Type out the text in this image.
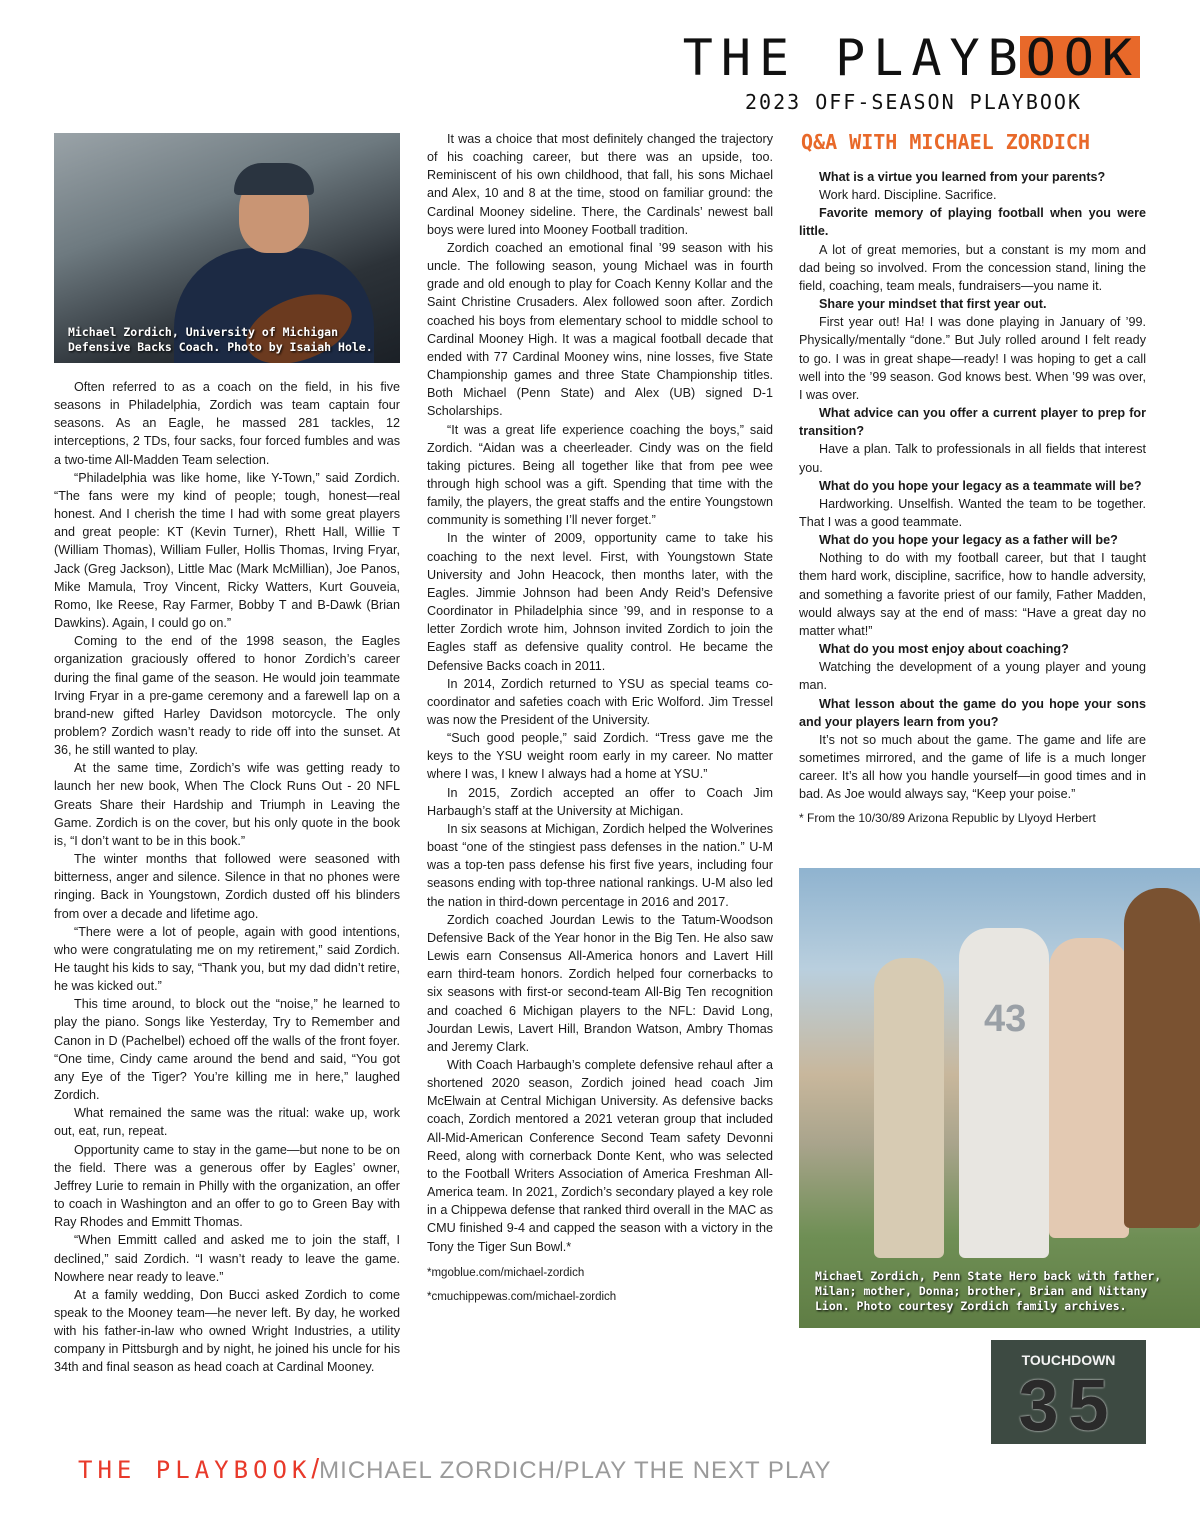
THE PLAYBOOK
2023 OFF-SEASON PLAYBOOK
Michael Zordich, University of Michigan Defensive Backs Coach. Photo by Isaiah Hole.

Often referred to as a coach on the field, in his five seasons in Philadelphia, Zordich was team captain four seasons. As an Eagle, he massed 281 tackles, 12 interceptions, 2 TDs, four sacks, four forced fumbles and was a two-time All-Madden Team selection.

“Philadelphia was like home, like Y-Town,” said Zordich. “The fans were my kind of people; tough, honest—real honest. And I cherish the time I had with some great players and great people: KT (Kevin Turner), Rhett Hall, Willie T (William Thomas), William Fuller, Hollis Thomas, Irving Fryar, Jack (Greg Jackson), Little Mac (Mark McMillian), Joe Panos, Mike Mamula, Troy Vincent, Ricky Watters, Kurt Gouveia, Romo, Ike Reese, Ray Farmer, Bobby T and B-Dawk (Brian Dawkins). Again, I could go on.”

Coming to the end of the 1998 season, the Eagles organization graciously offered to honor Zordich’s career during the final game of the season. He would join teammate Irving Fryar in a pre-game ceremony and a farewell lap on a brand-new gifted Harley Davidson motorcycle. The only problem? Zordich wasn’t ready to ride off into the sunset. At 36, he still wanted to play.

At the same time, Zordich’s wife was getting ready to launch her new book, When The Clock Runs Out - 20 NFL Greats Share their Hardship and Triumph in Leaving the Game. Zordich is on the cover, but his only quote in the book is, “I don’t want to be in this book.”

The winter months that followed were seasoned with bitterness, anger and silence. Silence in that no phones were ringing. Back in Youngstown, Zordich dusted off his blinders from over a decade and lifetime ago.

“There were a lot of people, again with good intentions, who were congratulating me on my retirement,” said Zordich. He taught his kids to say, “Thank you, but my dad didn’t retire, he was kicked out.”

This time around, to block out the “noise,” he learned to play the piano. Songs like Yesterday, Try to Remember and Canon in D (Pachelbel) echoed off the walls of the front foyer. “One time, Cindy came around the bend and said, “You got any Eye of the Tiger? You’re killing me in here,” laughed Zordich.

What remained the same was the ritual: wake up, work out, eat, run, repeat.

Opportunity came to stay in the game—but none to be on the field. There was a generous offer by Eagles’ owner, Jeffrey Lurie to remain in Philly with the organization, an offer to coach in Washington and an offer to go to Green Bay with Ray Rhodes and Emmitt Thomas.

“When Emmitt called and asked me to join the staff, I declined,” said Zordich. “I wasn’t ready to leave the game. Nowhere near ready to leave.”

At a family wedding, Don Bucci asked Zordich to come speak to the Mooney team—he never left. By day, he worked with his father-in-law who owned Wright Industries, a utility company in Pittsburgh and by night, he joined his uncle for his 34th and final season as head coach at Cardinal Mooney.

It was a choice that most definitely changed the trajectory of his coaching career, but there was an upside, too. Reminiscent of his own childhood, that fall, his sons Michael and Alex, 10 and 8 at the time, stood on familiar ground: the Cardinal Mooney sideline. There, the Cardinals’ newest ball boys were lured into Mooney Football tradition.

Zordich coached an emotional final ’99 season with his uncle. The following season, young Michael was in fourth grade and old enough to play for Coach Kenny Kollar and the Saint Christine Crusaders. Alex followed soon after. Zordich coached his boys from elementary school to middle school to Cardinal Mooney High. It was a magical football decade that ended with 77 Cardinal Mooney wins, nine losses, five State Championship games and three State Championship titles. Both Michael (Penn State) and Alex (UB) signed D-1 Scholarships.

“It was a great life experience coaching the boys,” said Zordich. “Aidan was a cheerleader. Cindy was on the field taking pictures. Being all together like that from pee wee through high school was a gift. Spending that time with the family, the players, the great staffs and the entire Youngstown community is something I’ll never forget.”

In the winter of 2009, opportunity came to take his coaching to the next level. First, with Youngstown State University and John Heacock, then months later, with the Eagles. Jimmie Johnson had been Andy Reid’s Defensive Coordinator in Philadelphia since ’99, and in response to a letter Zordich wrote him, Johnson invited Zordich to join the Eagles staff as defensive quality control. He became the Defensive Backs coach in 2011.

In 2014, Zordich returned to YSU as special teams co-coordinator and safeties coach with Eric Wolford. Jim Tressel was now the President of the University.

“Such good people,” said Zordich. “Tress gave me the keys to the YSU weight room early in my career. No matter where I was, I knew I always had a home at YSU.”

In 2015, Zordich accepted an offer to Coach Jim Harbaugh’s staff at the University at Michigan.

In six seasons at Michigan, Zordich helped the Wolverines boast “one of the stingiest pass defenses in the nation.” U-M was a top-ten pass defense his first five years, including four seasons ending with top-three national rankings. U-M also led the nation in third-down percentage in 2016 and 2017.

Zordich coached Jourdan Lewis to the Tatum-Woodson Defensive Back of the Year honor in the Big Ten. He also saw Lewis earn Consensus All-America honors and Lavert Hill earn third-team honors. Zordich helped four cornerbacks to six seasons with first-or second-team All-Big Ten recognition and coached 6 Michigan players to the NFL: David Long, Jourdan Lewis, Lavert Hill, Brandon Watson, Ambry Thomas and Jeremy Clark.

With Coach Harbaugh’s complete defensive rehaul after a shortened 2020 season, Zordich joined head coach Jim McElwain at Central Michigan University. As defensive backs coach, Zordich mentored a 2021 veteran group that included All-Mid-American Conference Second Team safety Devonni Reed, along with cornerback Donte Kent, who was selected to the Football Writers Association of America Freshman All-America team. In 2021, Zordich’s secondary played a key role in a Chippewa defense that ranked third overall in the MAC as CMU finished 9-4 and capped the season with a victory in the Tony the Tiger Sun Bowl.*

*mgoblue.com/michael-zordich

*cmuchippewas.com/michael-zordich

Q&A WITH MICHAEL ZORDICH

What is a virtue you learned from your parents?

Work hard. Discipline. Sacrifice.

Favorite memory of playing football when you were little.

A lot of great memories, but a constant is my mom and dad being so involved. From the concession stand, lining the field, coaching, team meals, fundraisers—you name it.

Share your mindset that first year out.

First year out! Ha! I was done playing in January of ’99. Physically/mentally “done.” But July rolled around I felt ready to go. I was in great shape—ready! I was hoping to get a call well into the ’99 season. God knows best. When ’99 was over, I was over.

What advice can you offer a current player to prep for transition?

Have a plan. Talk to professionals in all fields that interest you.

What do you hope your legacy as a teammate will be?

Hardworking. Unselfish. Wanted the team to be together. That I was a good teammate.

What do you hope your legacy as a father will be?

Nothing to do with my football career, but that I taught them hard work, discipline, sacrifice, how to handle adversity, and something a favorite priest of our family, Father Madden, would always say at the end of mass: “Have a great day no matter what!”

What do you most enjoy about coaching?

Watching the development of a young player and young man.

What lesson about the game do you hope your sons and your players learn from you?

It’s not so much about the game. The game and life are sometimes mirrored, and the game of life is a much longer career. It’s all how you handle yourself—in good times and in bad. As Joe would always say, “Keep your poise.”

* From the 10/30/89 Arizona Republic by Llyoyd Herbert

43
Michael Zordich, Penn State Hero back with father, Milan; mother, Donna; brother, Brian and Nittany Lion. Photo courtesy Zordich family archives.
TOUCHDOWN
35
THE PLAYBOOK/MICHAEL ZORDICH/PLAY THE NEXT PLAY
